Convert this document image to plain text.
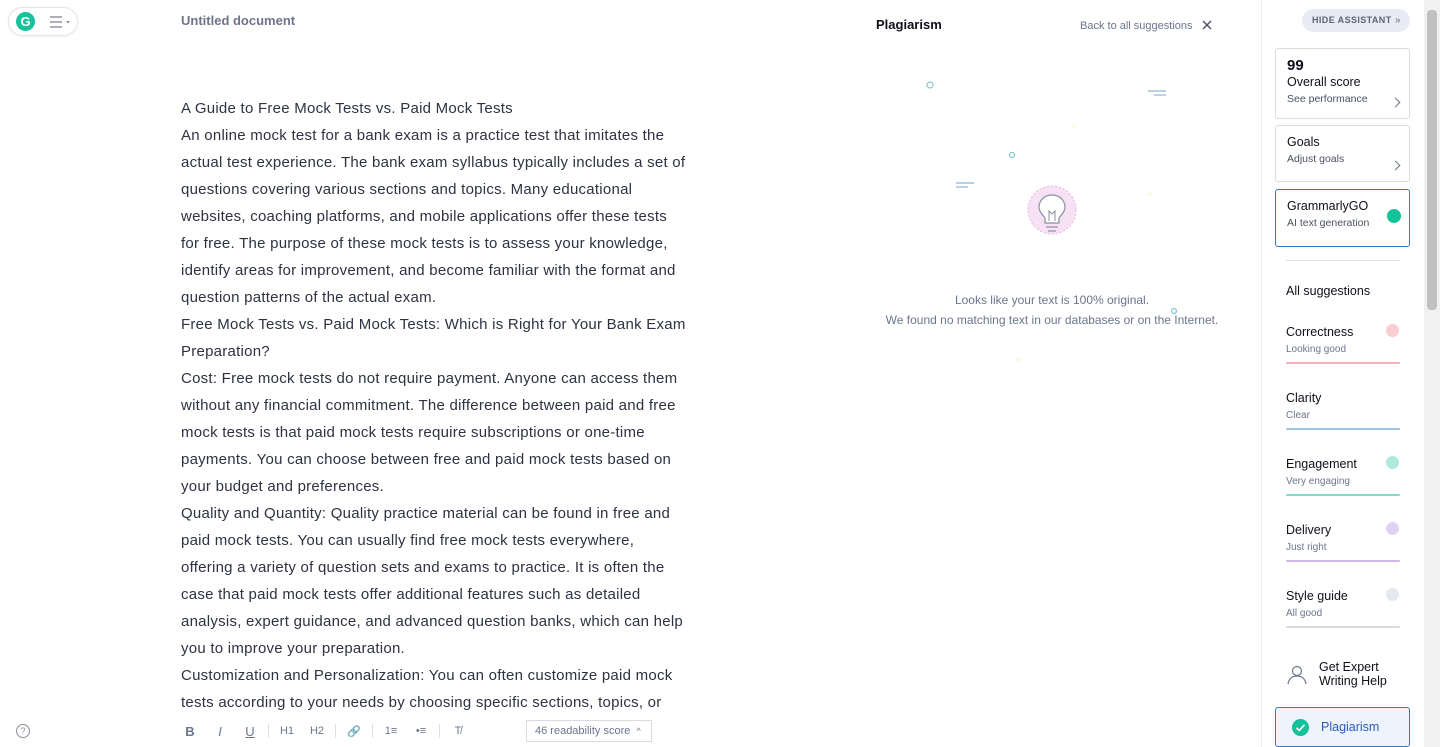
G	Untitled document

A Guide to Free Mock Tests vs. Paid Mock Tests

An online mock test for a bank exam is a practice test that imitates the actual test experience. The bank exam syllabus typically includes a set of questions covering various sections and topics. Many educational websites, coaching platforms, and mobile applications offer these tests for free. The purpose of these mock tests is to assess your knowledge, identify areas for improvement, and become familiar with the format and question patterns of the actual exam.

Free Mock Tests vs. Paid Mock Tests: Which is Right for Your Bank Exam Preparation?

Cost: Free mock tests do not require payment. Anyone can access them without any financial commitment. The difference between paid and free mock tests is that paid mock tests require subscriptions or one-time payments. You can choose between free and paid mock tests based on your budget and preferences.

Quality and Quantity: Quality practice material can be found in free and paid mock tests. You can usually find free mock tests everywhere, offering a variety of question sets and exams to practice. It is often the case that paid mock tests offer additional features such as detailed analysis, expert guidance, and advanced question banks, which can help you to improve your preparation.

Customization and Personalization: You can often customize paid mock tests according to your needs by choosing specific sections, topics, or

?	B	I	U	H1	H2	🔗	1≡	•≡	T̸	46 readability score ^
Plagiarism	Back to all suggestions
⁘
⁘
⁘
Looks like your text is 100% original.
We found no matching text in our databases or on the Internet.
HIDE ASSISTANT »
99
Overall score
See performance
Goals
Adjust goals
GrammarlyGO
AI text generation
All suggestions
Correctness
Looking good
Clarity
Clear
Engagement
Very engaging
Delivery
Just right
Style guide
All good
Get Expert
Writing Help
Plagiarism
